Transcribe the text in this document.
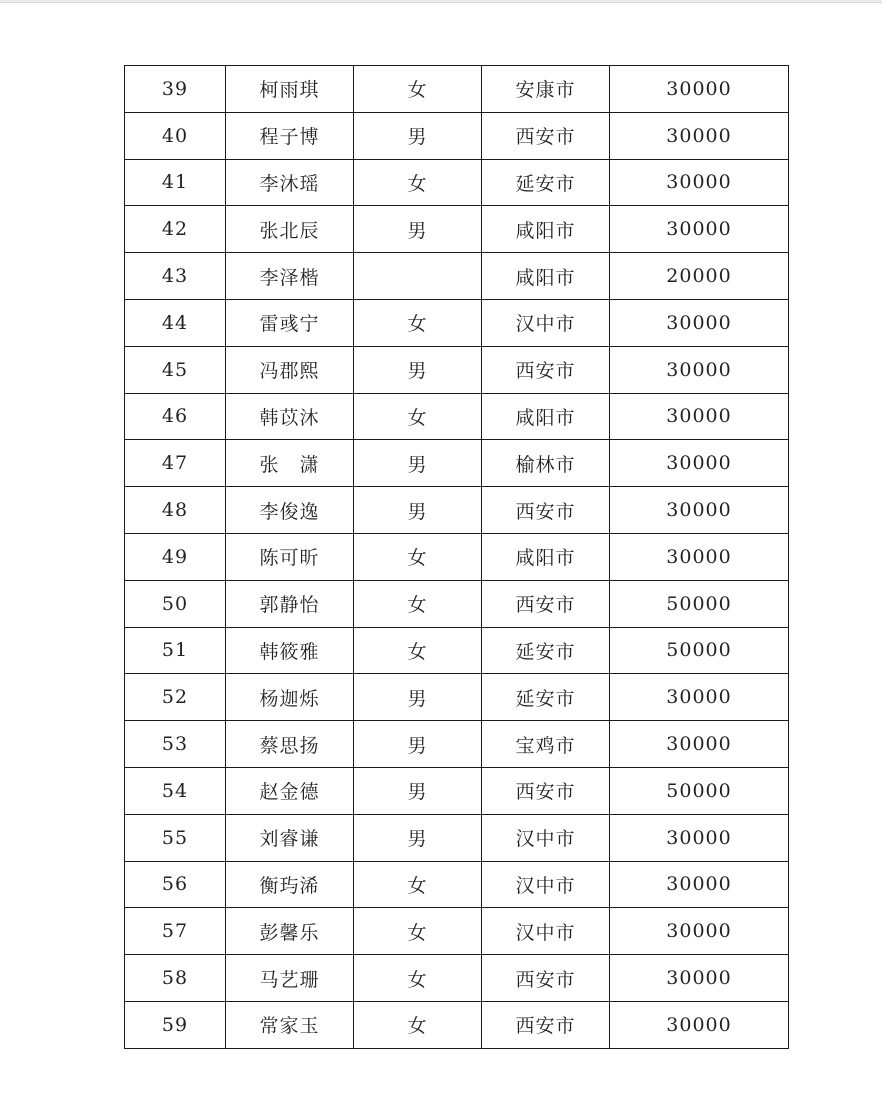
39	柯雨琪	女	安康市	30000
40	程子博	男	西安市	30000
41	李沐瑶	女	延安市	30000
42	张北辰	男	咸阳市	30000
43	李泽楷		咸阳市	20000
44	雷彧宁	女	汉中市	30000
45	冯郡熙	男	西安市	30000
46	韩苡沐	女	咸阳市	30000
47	张　潇	男	榆林市	30000
48	李俊逸	男	西安市	30000
49	陈可昕	女	咸阳市	30000
50	郭静怡	女	西安市	50000
51	韩筱雅	女	延安市	50000
52	杨迦烁	男	延安市	30000
53	蔡思扬	男	宝鸡市	30000
54	赵金德	男	西安市	50000
55	刘睿谦	男	汉中市	30000
56	衡玙浠	女	汉中市	30000
57	彭馨乐	女	汉中市	30000
58	马艺珊	女	西安市	30000
59	常家玉	女	西安市	30000
